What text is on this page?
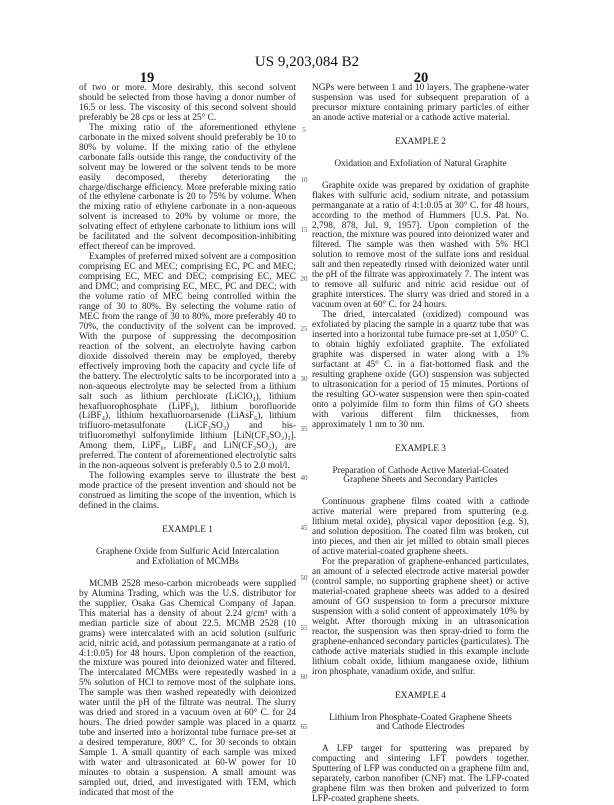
US 9,203,084 B2
19	20

of two or more. More desirably, this second solvent should be selected from those having a donor number of 16.5 or less. The viscosity of this second solvent should preferably be 28 cps or less at 25° C.

The mixing ratio of the aforementioned ethylene carbonate in the mixed solvent should preferably be 10 to 80% by volume. If the mixing ratio of the ethylene carbonate falls outside this range, the conductivity of the solvent may be lowered or the solvent tends to be more easily decomposed, thereby deteriorating the charge/discharge efficiency. More preferable mixing ratio of the ethylene carbonate is 20 to 75% by volume. When the mixing ratio of ethylene carbonate in a non-aqueous solvent is increased to 20% by volume or more, the solvating effect of ethylene carbonate to lithium ions will be facilitated and the solvent decomposition-inhibiting effect thereof can be improved.

Examples of preferred mixed solvent are a composition comprising EC and MEC; comprising EC, PC and MEC; comprising EC, MEC and DEC; comprising EC, MEC and DMC; and comprising EC, MEC, PC and DEC; with the volume ratio of MEC being controlled within the range of 30 to 80%. By selecting the volume ratio of MEC from the range of 30 to 80%, more preferably 40 to 70%, the conductivity of the solvent can be improved. With the purpose of suppressing the decomposition reaction of the solvent, an electrolyte having carbon dioxide dissolved therein may be employed, thereby effectively improving both the capacity and cycle life of the battery. The electrolytic salts to be incorporated into a non-aqueous electrolyte may be selected from a lithium salt such as lithium perchlorate (LiClO₄), lithium hexafluorophosphate (LiPF₆), lithium borofluoride (LiBF₄), lithium hexafluoroarsenide (LiAsF₆), lithium trifluoro-metasulfonate (LiCF₃SO₃) and bis-trifluoromethyl sulfonylimide lithium [LiN(CF₃SO₂)₂]. Among them, LiPF₆, LiBF₄ and LiN(CF₃SO₂)₂ are preferred. The content of aforementioned electrolytic salts in the non-aqueous solvent is preferably 0.5 to 2.0 mol/l.

The following examples serve to illustrate the best mode practice of the present invention and should not be construed as limiting the scope of the invention, which is defined in the claims.

EXAMPLE 1
Graphene Oxide from Sulfuric Acid Intercalation and Exfoliation of MCMBs

MCMB 2528 meso-carbon microbeads were supplied by Alumina Trading, which was the U.S. distributor for the supplier, Osaka Gas Chemical Company of Japan. This material has a density of about 2.24 g/cm³ with a median particle size of about 22.5. MCMB 2528 (10 grams) were intercalated with an acid solution (sulfuric acid, nitric acid, and potassium permanganate at a ratio of 4:1:0.05) for 48 hours. Upon completion of the reaction, the mixture was poured into deionized water and filtered. The intercalated MCMBs were repeatedly washed in a 5% solution of HCl to remove most of the sulphate ions. The sample was then washed repeatedly with deionized water until the pH of the filtrate was neutral. The slurry was dried and stored in a vacuum oven at 60° C. for 24 hours. The dried powder sample was placed in a quartz tube and inserted into a horizontal tube furnace pre-set at a desired temperature, 800° C. for 30 seconds to obtain Sample 1. A small quantity of each sample was mixed with water and ultrasonicated at 60-W power for 10 minutes to obtain a suspension. A small amount was sampled out, dried, and investigated with TEM, which indicated that most of the

NGPs were between 1 and 10 layers. The graphene-water suspension was used for subsequent preparation of a precursor mixture containing primary particles of either an anode active material or a cathode active material.

EXAMPLE 2
Oxidation and Exfoliation of Natural Graphite

Graphite oxide was prepared by oxidation of graphite flakes with sulfuric acid, sodium nitrate, and potassium permanganate at a ratio of 4:1:0.05 at 30° C. for 48 hours, according to the method of Hummers [U.S. Pat. No. 2,798, 878, Jul. 9, 1957]. Upon completion of the reaction, the mixture was poured into deionized water and filtered. The sample was then washed with 5% HCl solution to remove most of the sulfate ions and residual salt and then repeatedly rinsed with deionized water until the pH of the filtrate was approximately 7. The intent was to remove all sulfuric and nitric acid residue out of graphite interstices. The slurry was dried and stored in a vacuum oven at 60° C. for 24 hours.

The dried, intercalated (oxidized) compound was exfoliated by placing the sample in a quartz tube that was inserted into a horizontal tube furnace pre-set at 1,050° C. to obtain highly exfoliated graphite. The exfoliated graphite was dispersed in water along with a 1% surfactant at 45° C. in a flat-bottomed flask and the resulting graphene oxide (GO) suspension was subjected to ultrasonication for a period of 15 minutes. Portions of the resulting GO-water suspension were then spin-coated onto a polyimide film to form thin films of GO sheets with various different film thicknesses, from approximately 1 nm to 30 nm.

EXAMPLE 3
Preparation of Cathode Active Material-Coated Graphene Sheets and Secondary Particles

Continuous graphene films coated with a cathode active material were prepared from sputtering (e.g. lithium metal oxide), physical vapor deposition (e.g. S), and solution deposition. The coated film was broken, cut into pieces, and then air jet milled to obtain small pieces of active material-coated graphene sheets.

For the preparation of graphene-enhanced particulates, an amount of a selected electrode active material powder (control sample, no supporting graphene sheet) or active material-coated graphene sheets was added to a desired amount of GO suspension to form a precursor mixture suspension with a solid content of approximately 10% by weight. After thorough mixing in an ultrasonication reactor, the suspension was then spray-dried to form the graphene-enhanced secondary particles (particulates). The cathode active materials studied in this example include lithium cobalt oxide, lithium manganese oxide, lithium iron phosphate, vanadium oxide, and sulfur.

EXAMPLE 4
Lithium Iron Phosphate-Coated Graphene Sheets and Cathode Electrodes

A LFP target for sputtering was prepared by compacting and sintering LFT powders together. Sputtering of LFP was conducted on a graphene film and, separately, carbon nanofiber (CNF) mat. The LFP-coated graphene film was then broken and pulverized to form LFP-coated graphene sheets.

5
10
15
20
25
30
35
40
45
50
55
60
65
